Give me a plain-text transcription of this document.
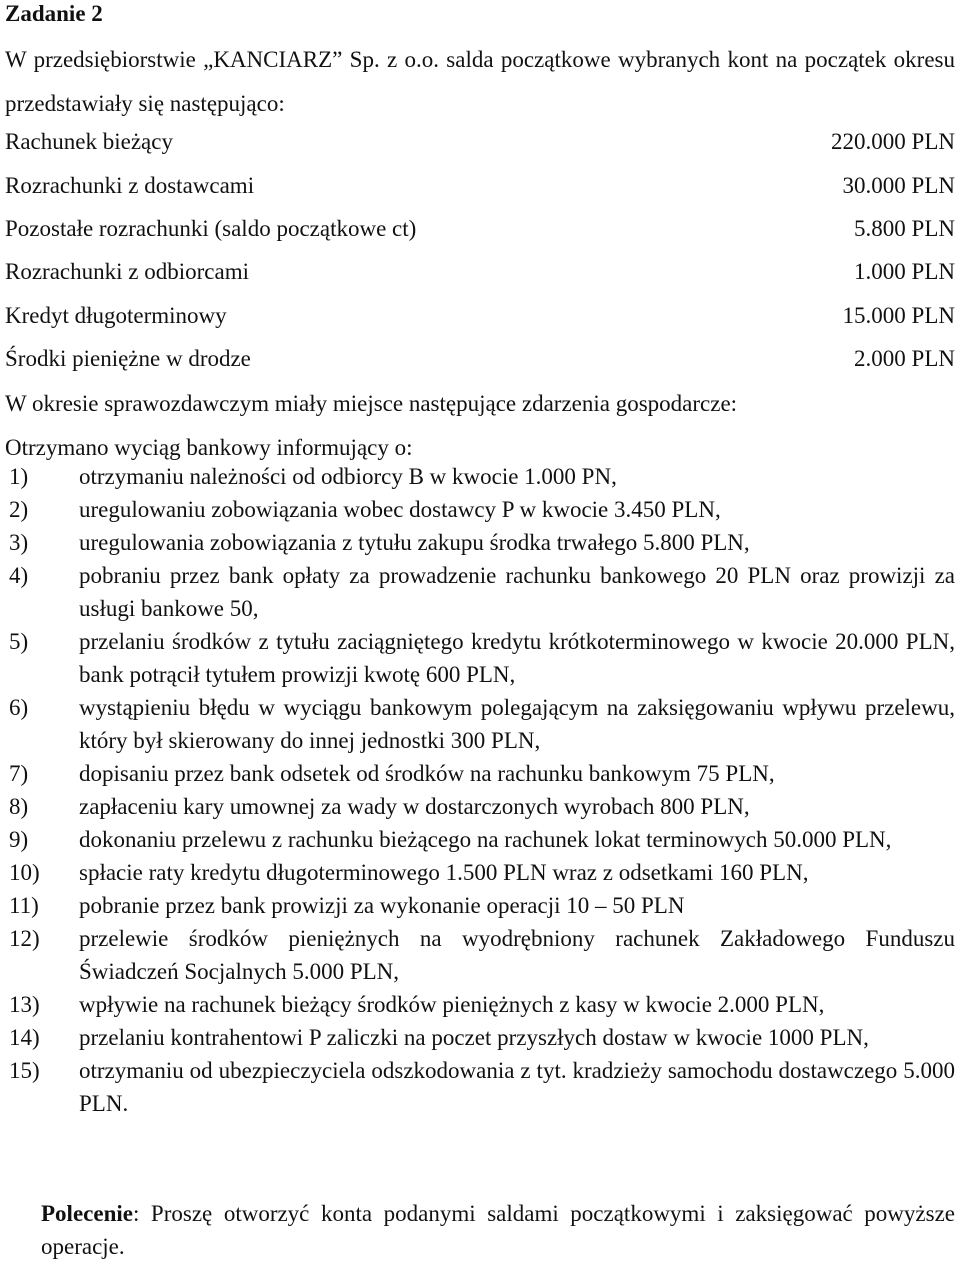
Zadanie 2
W przedsiębiorstwie „KANCIARZ” Sp. z o.o. salda początkowe wybranych kont na początek okresu przedstawiały się następująco:
Rachunek bieżący	220.000 PLN
Rozrachunki z dostawcami	30.000 PLN
Pozostałe rozrachunki (saldo początkowe ct)	5.800 PLN
Rozrachunki z odbiorcami	1.000 PLN
Kredyt długoterminowy	15.000 PLN
Środki pieniężne w drodze	2.000 PLN
W okresie sprawozdawczym miały miejsce następujące zdarzenia gospodarcze:
Otrzymano wyciąg bankowy informujący o:
1) otrzymaniu należności od odbiorcy B w kwocie 1.000 PN,
2) uregulowaniu zobowiązania wobec dostawcy P w kwocie 3.450 PLN,
3) uregulowania zobowiązania z tytułu zakupu środka trwałego 5.800 PLN,
4) pobraniu przez bank opłaty za prowadzenie rachunku bankowego 20 PLN oraz prowizji za usługi bankowe 50,
5) przelaniu środków z tytułu zaciągniętego kredytu krótkoterminowego w kwocie 20.000 PLN, bank potrącił tytułem prowizji kwotę 600 PLN,
6) wystąpieniu błędu w wyciągu bankowym polegającym na zaksięgowaniu wpływu przelewu, który był skierowany do innej jednostki 300 PLN,
7) dopisaniu przez bank odsetek od środków na rachunku bankowym 75 PLN,
8) zapłaceniu kary umownej za wady w dostarczonych wyrobach 800 PLN,
9) dokonaniu przelewu z rachunku bieżącego na rachunek lokat terminowych 50.000 PLN,
10) spłacie raty kredytu długoterminowego 1.500 PLN wraz z odsetkami 160 PLN,
11) pobranie przez bank prowizji za wykonanie operacji 10 – 50 PLN
12) przelewie środków pieniężnych na wyodrębniony rachunek Zakładowego Funduszu Świadczeń Socjalnych 5.000 PLN,
13) wpływie na rachunek bieżący środków pieniężnych z kasy w kwocie 2.000 PLN,
14) przelaniu kontrahentowi P zaliczki na poczet przyszłych dostaw w kwocie 1000 PLN,
15) otrzymaniu od ubezpieczyciela odszkodowania z tyt. kradzieży samochodu dostawczego 5.000 PLN.
Polecenie: Proszę otworzyć konta podanymi saldami początkowymi i zaksięgować powyższe operacje.
